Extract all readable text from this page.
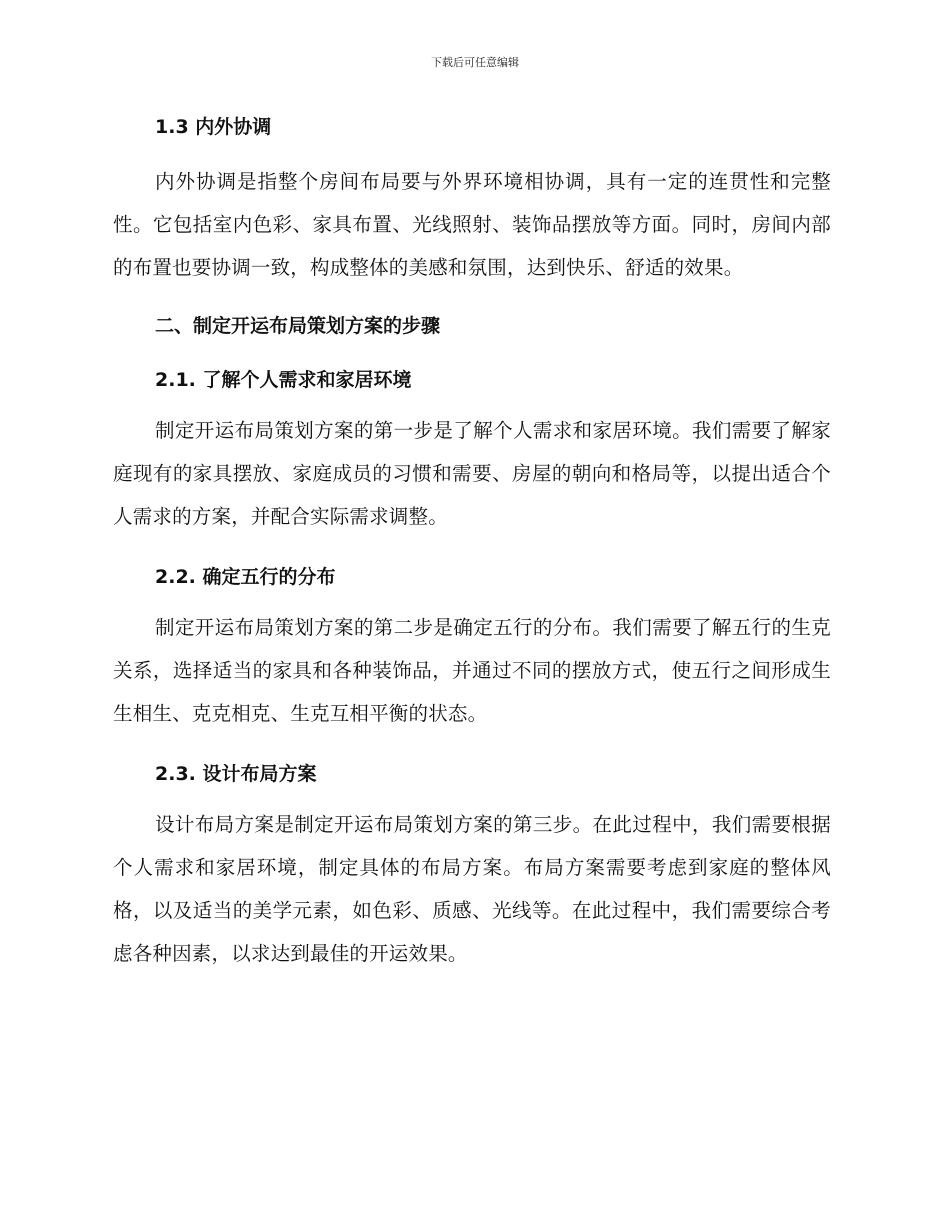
下载后可任意编辑
1.3 内外协调

内外协调是指整个房间布局要与外界环境相协调，具有一定的连贯性和完整性。它包括室内色彩、家具布置、光线照射、装饰品摆放等方面。同时，房间内部的布置也要协调一致，构成整体的美感和氛围，达到快乐、舒适的效果。

二、制定开运布局策划方案的步骤
2.1. 了解个人需求和家居环境

制定开运布局策划方案的第一步是了解个人需求和家居环境。我们需要了解家庭现有的家具摆放、家庭成员的习惯和需要、房屋的朝向和格局等，以提出适合个人需求的方案，并配合实际需求调整。

2.2. 确定五行的分布

制定开运布局策划方案的第二步是确定五行的分布。我们需要了解五行的生克关系，选择适当的家具和各种装饰品，并通过不同的摆放方式，使五行之间形成生生相生、克克相克、生克互相平衡的状态。

2.3. 设计布局方案

设计布局方案是制定开运布局策划方案的第三步。在此过程中，我们需要根据个人需求和家居环境，制定具体的布局方案。布局方案需要考虑到家庭的整体风格，以及适当的美学元素，如色彩、质感、光线等。在此过程中，我们需要综合考虑各种因素，以求达到最佳的开运效果。
